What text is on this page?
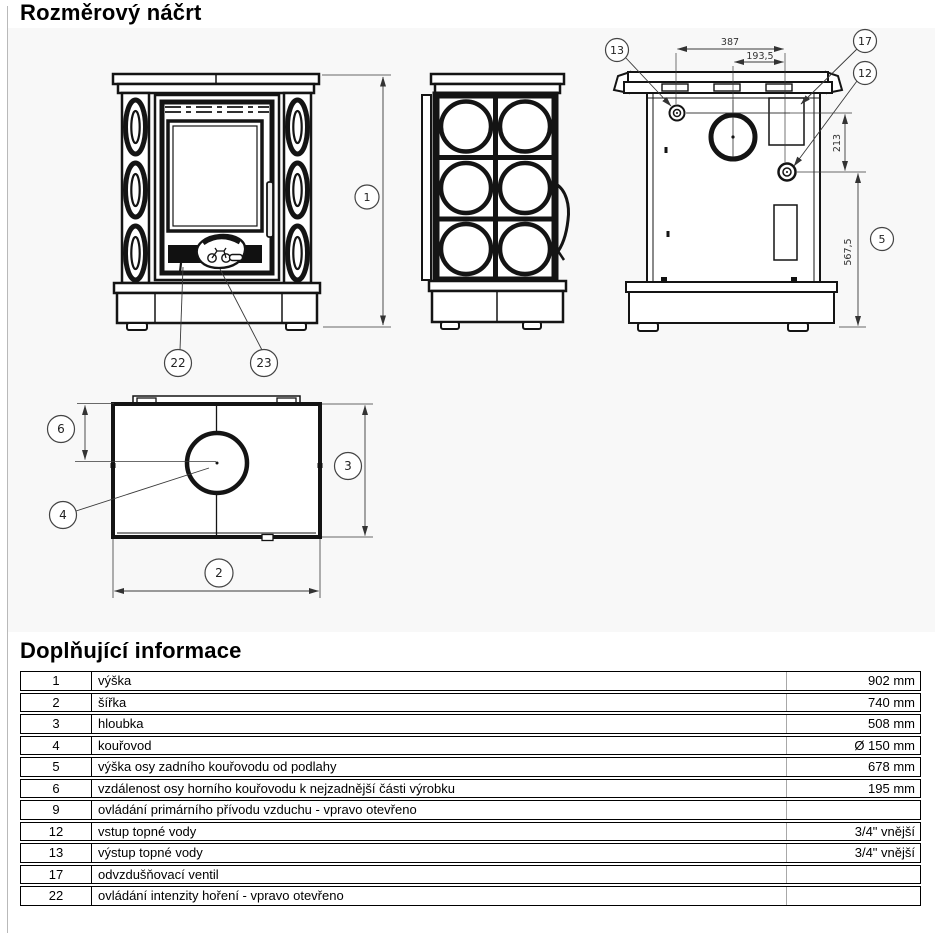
Rozměrový náčrt
1
22	23
387
193,5
213
567,5
13
17
12
5
6
4
3
2
Doplňující informace
1	výška	902 mm
2	šířka	740 mm
3	hloubka	508 mm
4	kouřovod	Ø 150 mm
5	výška osy zadního kouřovodu od podlahy	678 mm
6	vzdálenost osy horního kouřovodu k nejzadnější části výrobku	195 mm
9	ovládání primárního přívodu vzduchu - vpravo otevřeno
12	vstup topné vody	3/4" vnější
13	výstup topné vody	3/4" vnější
17	odvzdušňovací ventil
22	ovládání intenzity hoření - vpravo otevřeno
